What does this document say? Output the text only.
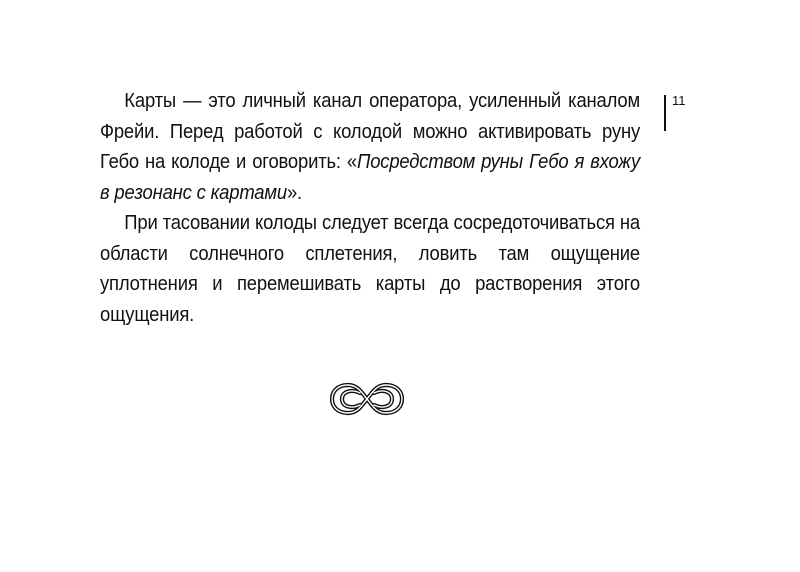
Карты — это личный канал оператора, усиленный каналом Фрейи. Перед работой с колодой можно активировать руну Гебо на колоде и оговорить: «Посредством руны Гебо я вхожу в резонанс с картами».

При тасовании колоды следует всегда сосредоточиваться на области солнечного сплетения, ловить там ощущение уплотнения и перемешивать карты до растворения этого ощущения.

11
